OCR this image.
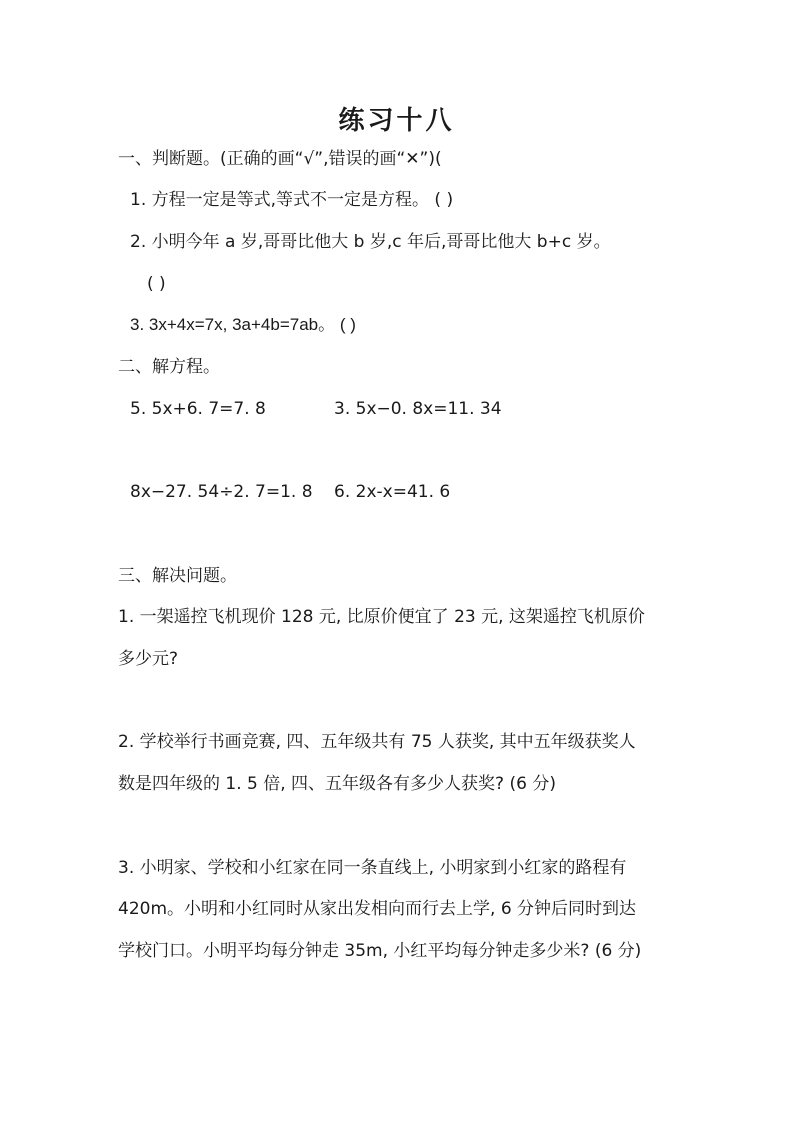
练习十八
一、判断题。(正确的画“√”,错误的画“✕”)(
1. 方程一定是等式,等式不一定是方程。 ( )
2. 小明今年 a 岁,哥哥比他大 b 岁,c 年后,哥哥比他大 b+c 岁。
( )
3. 3x+4x=7x, 3a+4b=7ab。 ( )
二、解方程。
5. 5x+6. 7=7. 8	3. 5x−0. 8x=11. 34
8x−27. 54÷2. 7=1. 8 6. 2x-x=41. 6
三、解决问题。
1. 一架遥控飞机现价 128 元, 比原价便宜了 23 元, 这架遥控飞机原价
多少元?
2. 学校举行书画竞赛, 四、五年级共有 75 人获奖, 其中五年级获奖人
数是四年级的 1. 5 倍, 四、五年级各有多少人获奖? (6 分)
3. 小明家、学校和小红家在同一条直线上, 小明家到小红家的路程有
420m。小明和小红同时从家出发相向而行去上学, 6 分钟后同时到达
学校门口。小明平均每分钟走 35m, 小红平均每分钟走多少米? (6 分)
